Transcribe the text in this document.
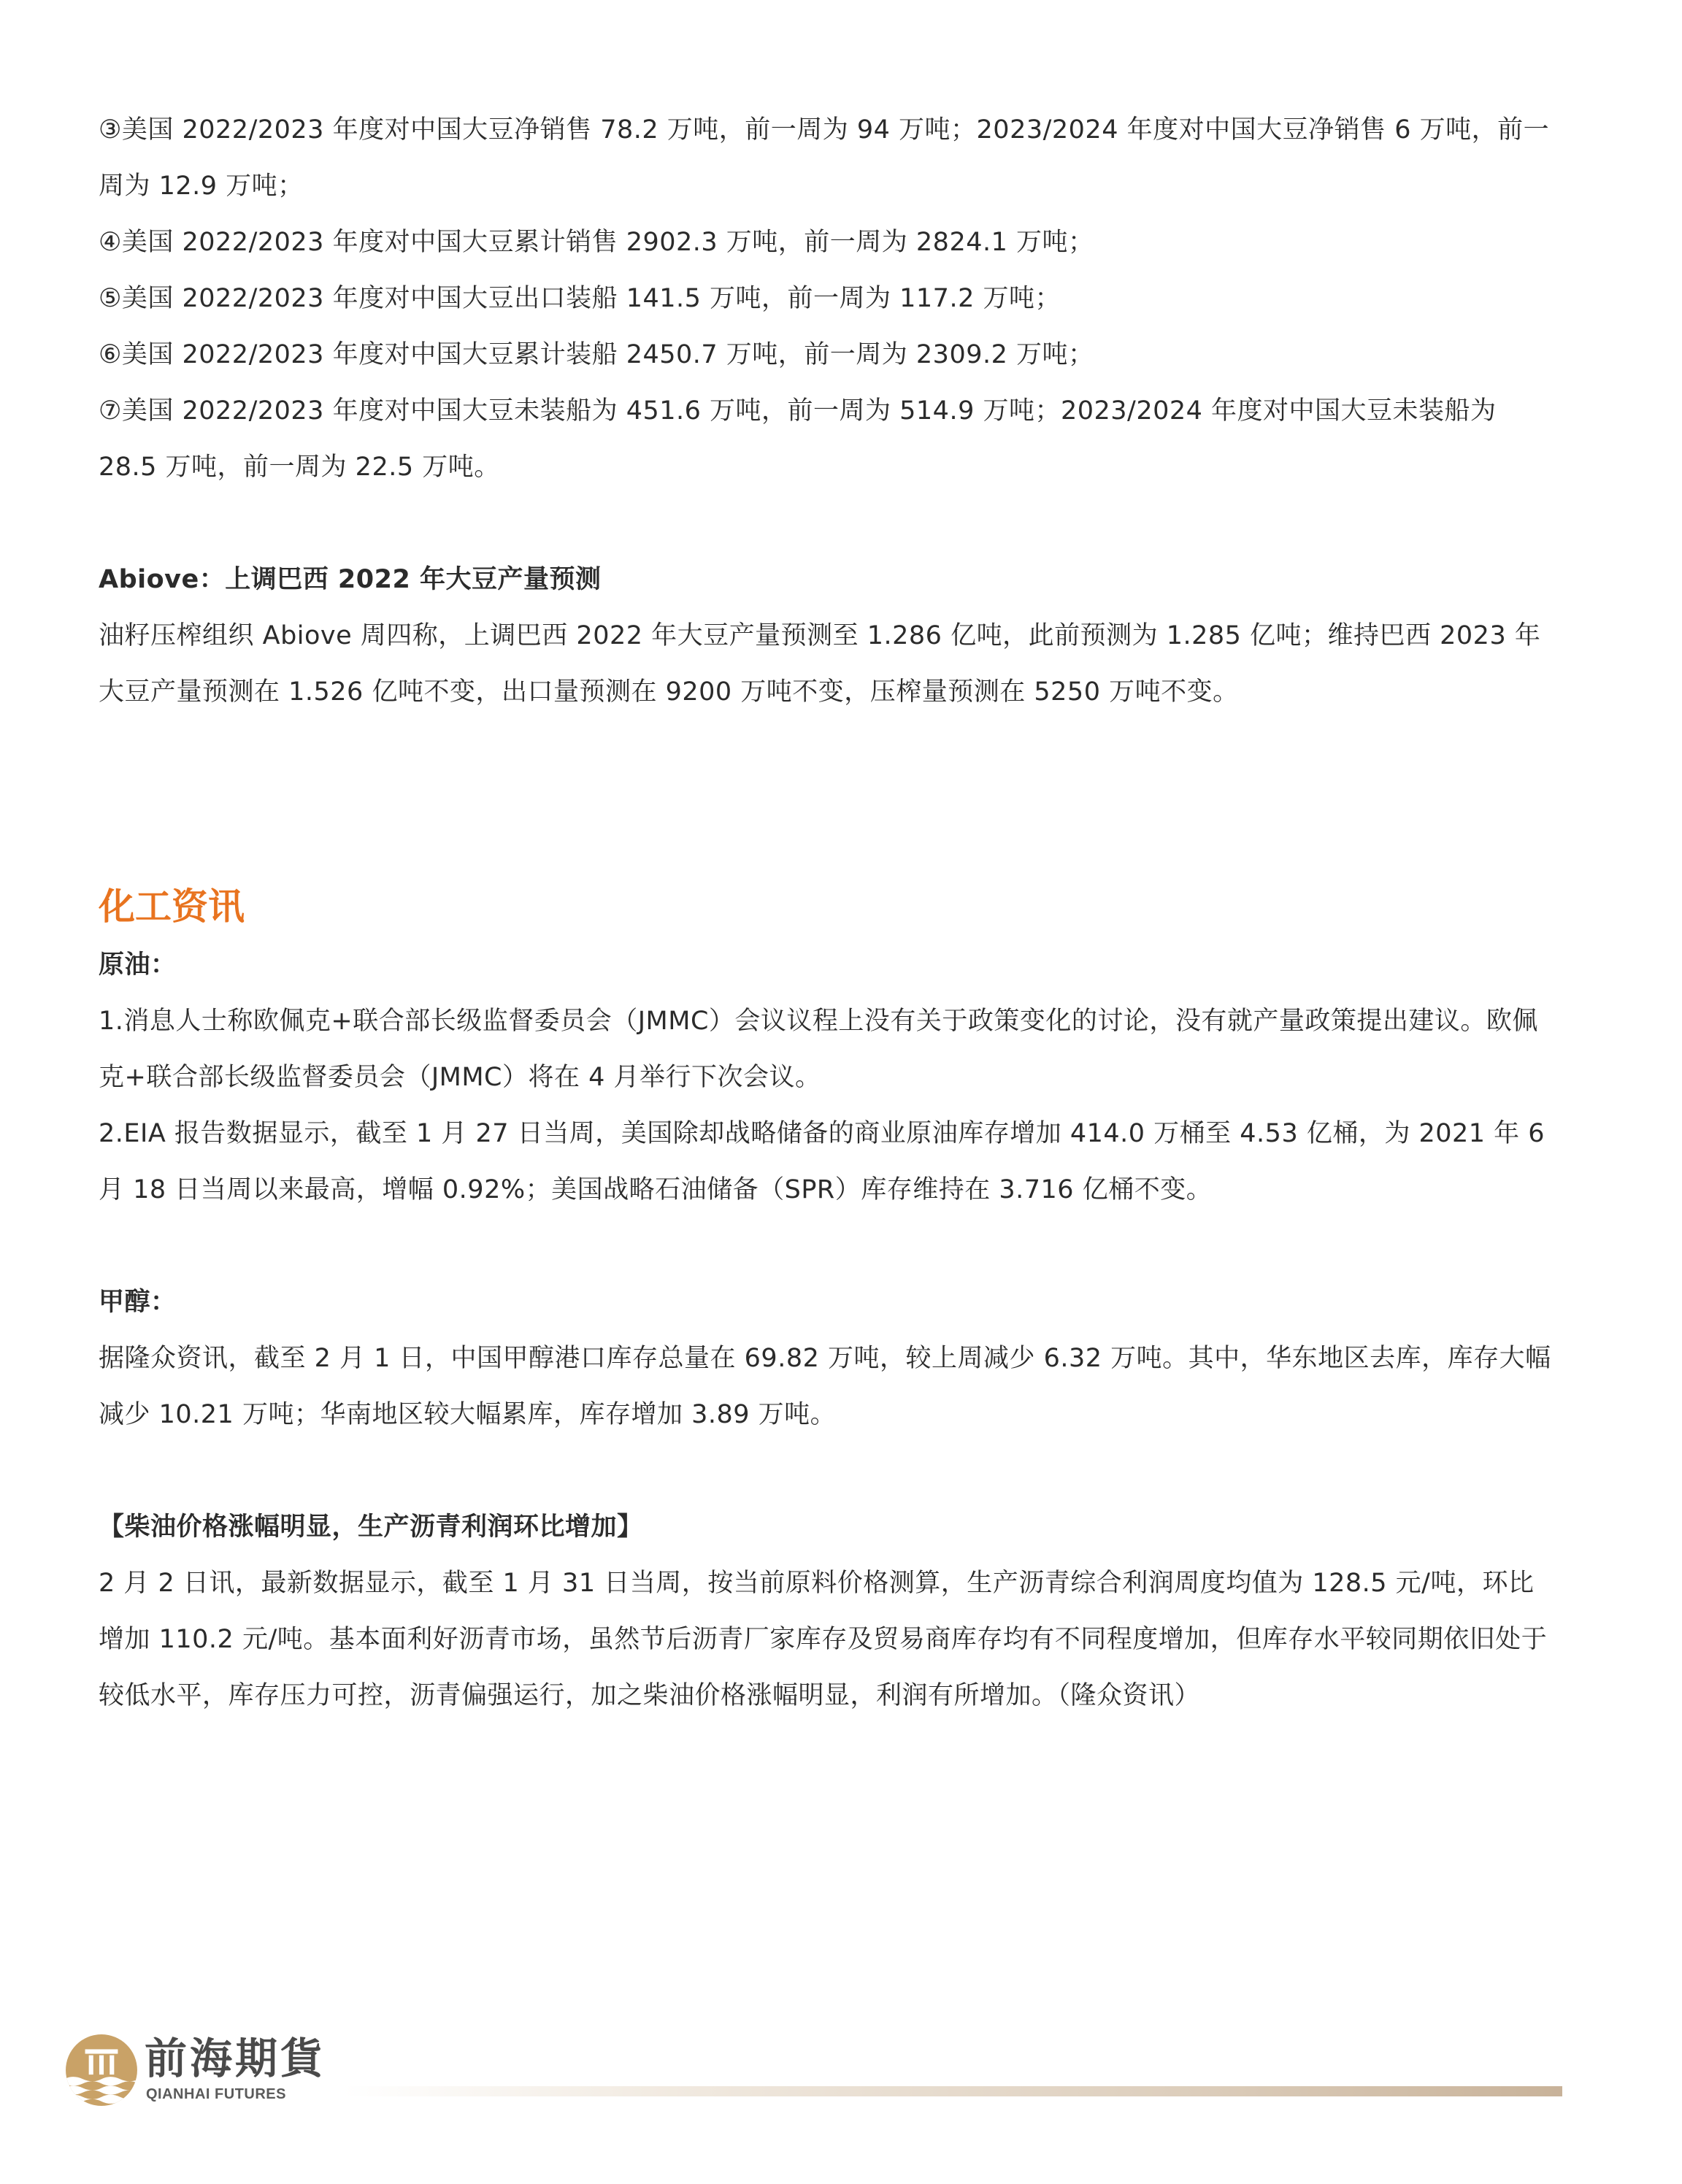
③美国 2022/2023 年度对中国大豆净销售 78.2 万吨，前一周为 94 万吨；2023/2024 年度对中国大豆净销售 6 万吨，前一周为 12.9 万吨；

④美国 2022/2023 年度对中国大豆累计销售 2902.3 万吨，前一周为 2824.1 万吨；

⑤美国 2022/2023 年度对中国大豆出口装船 141.5 万吨，前一周为 117.2 万吨；

⑥美国 2022/2023 年度对中国大豆累计装船 2450.7 万吨，前一周为 2309.2 万吨；

⑦美国 2022/2023 年度对中国大豆未装船为 451.6 万吨，前一周为 514.9 万吨；2023/2024 年度对中国大豆未装船为 28.5 万吨，前一周为 22.5 万吨。

Abiove：上调巴西 2022 年大豆产量预测

油籽压榨组织 Abiove 周四称，上调巴西 2022 年大豆产量预测至 1.286 亿吨，此前预测为 1.285 亿吨；维持巴西 2023 年大豆产量预测在 1.526 亿吨不变，出口量预测在 9200 万吨不变，压榨量预测在 5250 万吨不变。

化工资讯

原油：

1.消息人士称欧佩克+联合部长级监督委员会（JMMC）会议议程上没有关于政策变化的讨论，没有就产量政策提出建议。欧佩克+联合部长级监督委员会（JMMC）将在 4 月举行下次会议。

2.EIA 报告数据显示，截至 1 月 27 日当周，美国除却战略储备的商业原油库存增加 414.0 万桶至 4.53 亿桶，为 2021 年 6 月 18 日当周以来最高，增幅 0.92%；美国战略石油储备（SPR）库存维持在 3.716 亿桶不变。

甲醇：

据隆众资讯，截至 2 月 1 日，中国甲醇港口库存总量在 69.82 万吨，较上周减少 6.32 万吨。其中，华东地区去库，库存大幅减少 10.21 万吨；华南地区较大幅累库，库存增加 3.89 万吨。

【柴油价格涨幅明显，生产沥青利润环比增加】

2 月 2 日讯，最新数据显示，截至 1 月 31 日当周，按当前原料价格测算，生产沥青综合利润周度均值为 128.5 元/吨，环比增加 110.2 元/吨。基本面利好沥青市场，虽然节后沥青厂家库存及贸易商库存均有不同程度增加，但库存水平较同期依旧处于较低水平，库存压力可控，沥青偏强运行，加之柴油价格涨幅明显，利润有所增加。（隆众资讯）

前海期貨
QIANHAI FUTURES
